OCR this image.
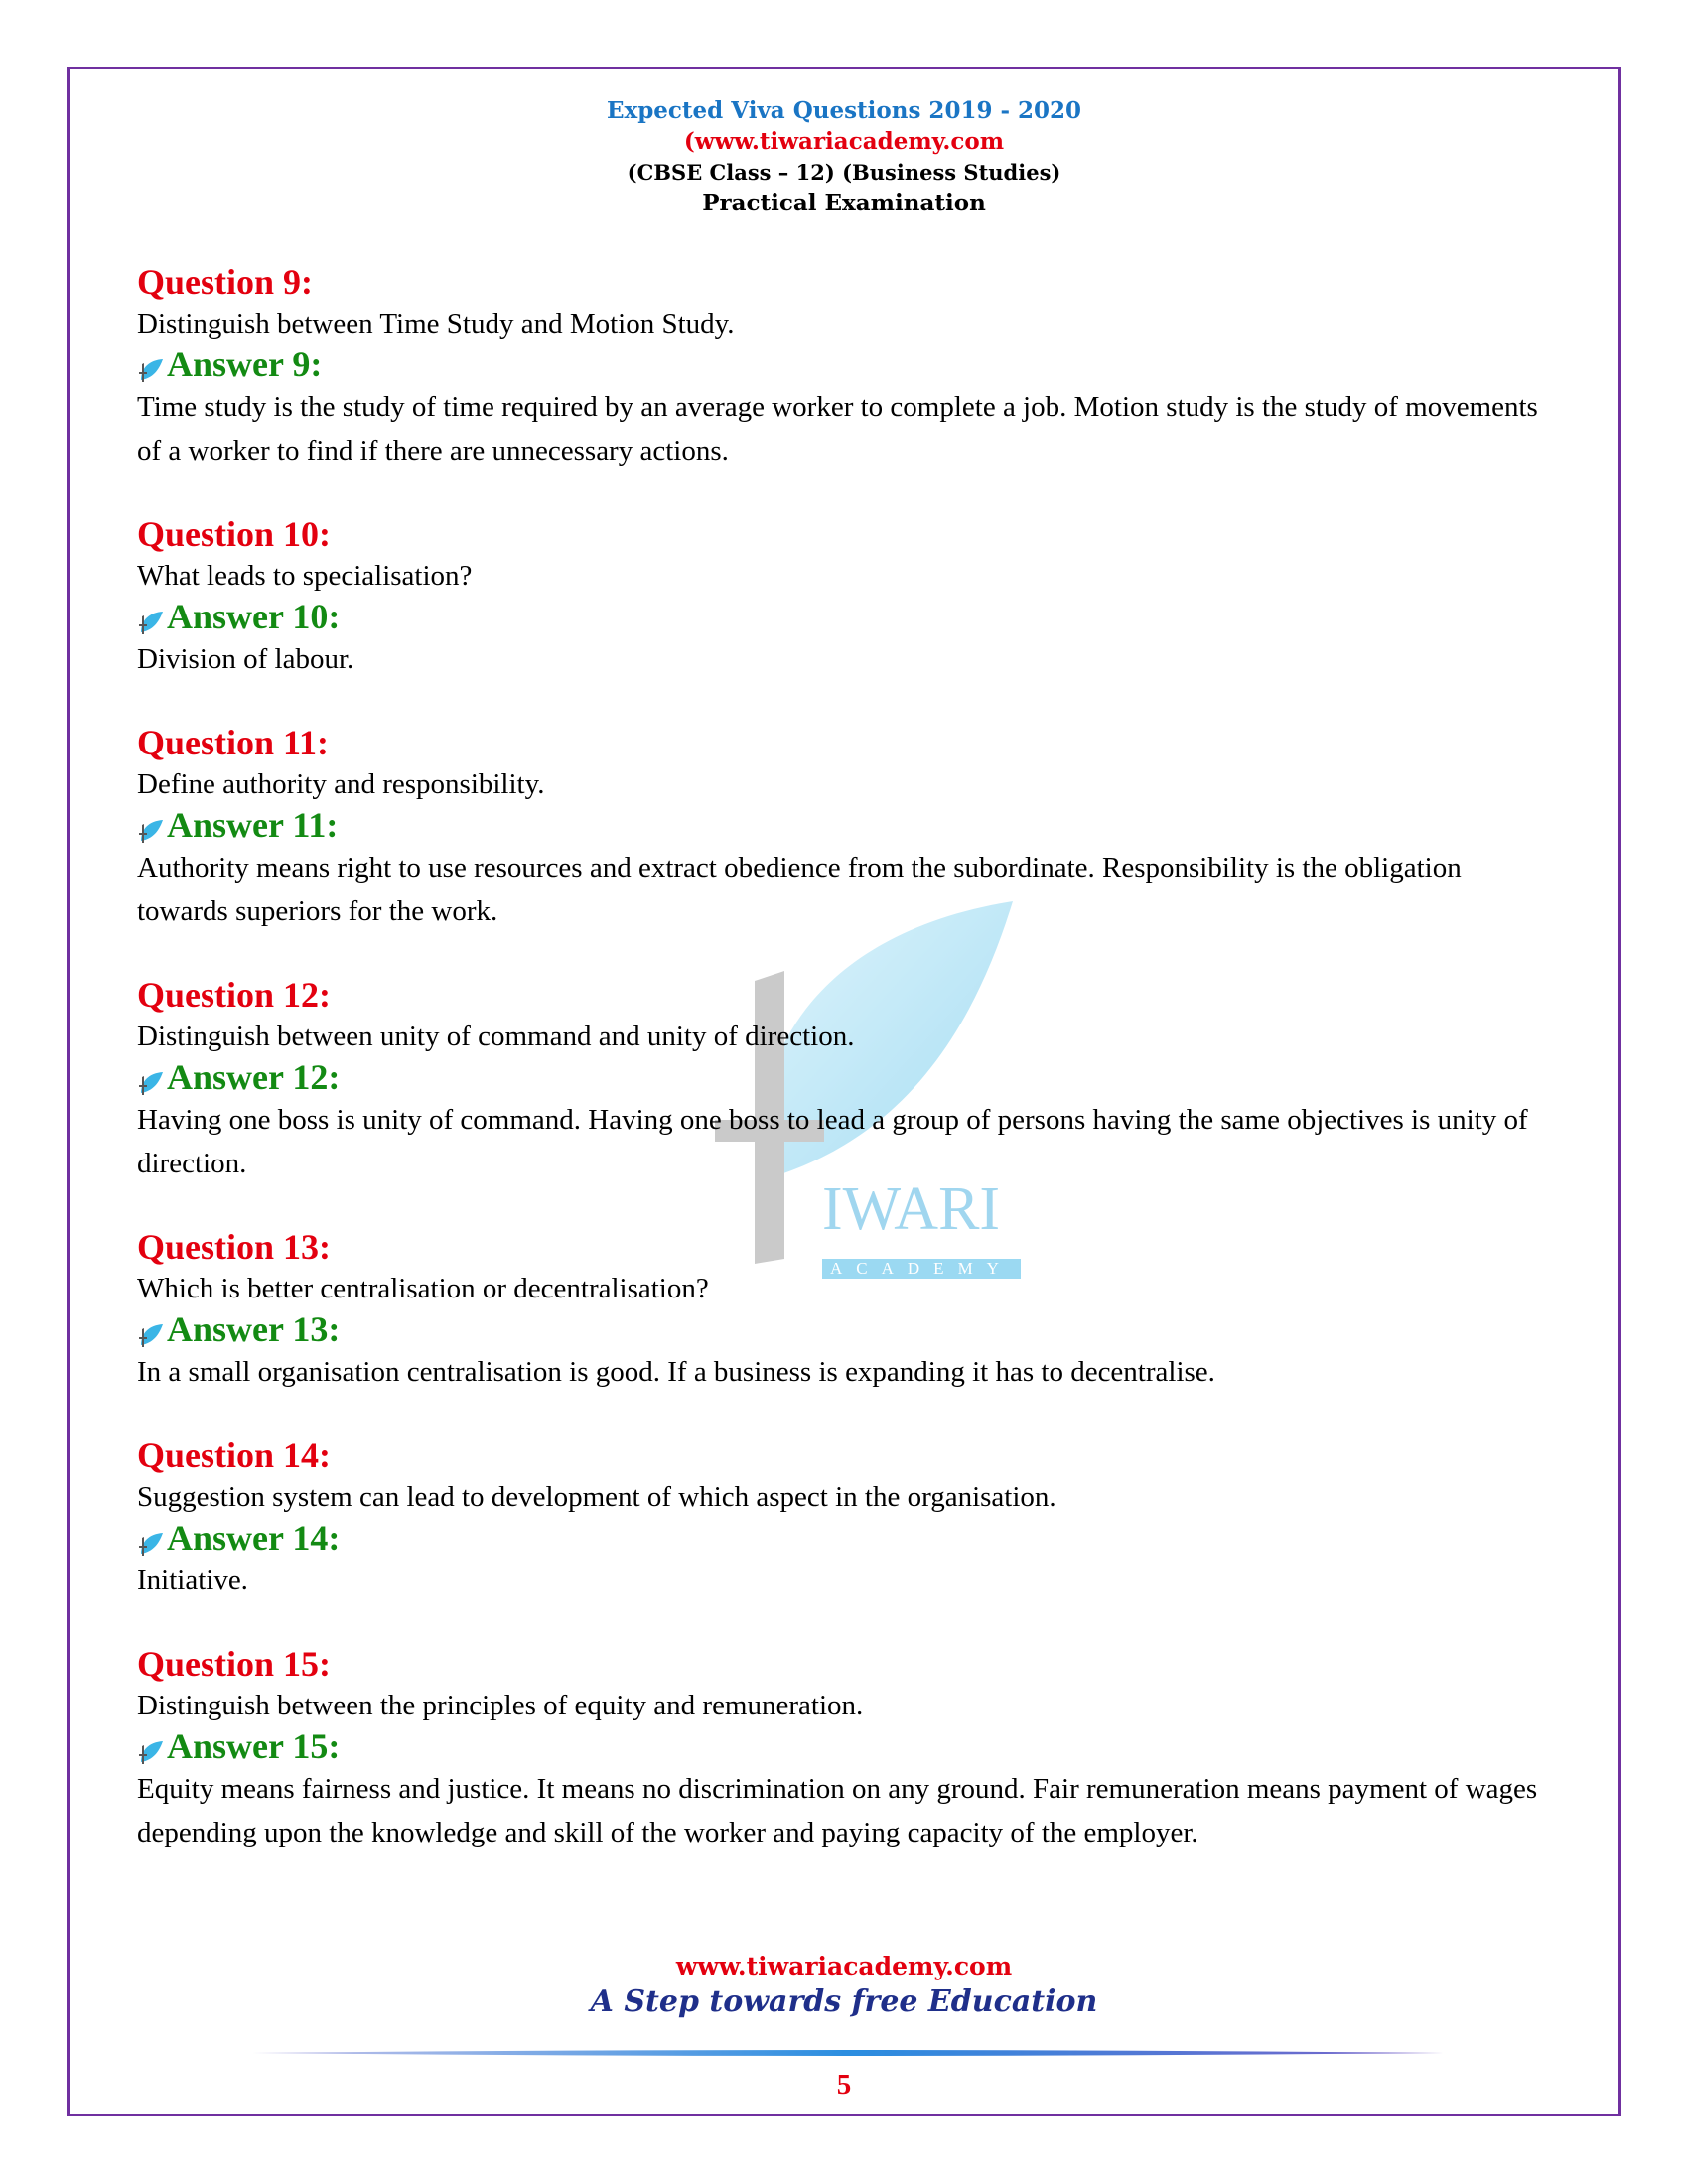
Expected Viva Questions 2019 - 2020
(www.tiwariacademy.com
(CBSE Class – 12) (Business Studies)
Practical Examination
IWARI
ACADEMY
Question 9:
Distinguish between Time Study and Motion Study.
Answer 9:
Time study is the study of time required by an average worker to complete a job. Motion study is the study of movements of a worker to find if there are unnecessary actions.
Question 10:
What leads to specialisation?
Answer 10:
Division of labour.
Question 11:
Define authority and responsibility.
Answer 11:
Authority means right to use resources and extract obedience from the subordinate. Responsibility is the obligation towards superiors for the work.
Question 12:
Distinguish between unity of command and unity of direction.
Answer 12:
Having one boss is unity of command. Having one boss to lead a group of persons having the same objectives is unity of direction.
Question 13:
Which is better centralisation or decentralisation?
Answer 13:
In a small organisation centralisation is good. If a business is expanding it has to decentralise.
Question 14:
Suggestion system can lead to development of which aspect in the organisation.
Answer 14:
Initiative.
Question 15:
Distinguish between the principles of equity and remuneration.
Answer 15:
Equity means fairness and justice. It means no discrimination on any ground. Fair remuneration means payment of wages depending upon the knowledge and skill of the worker and paying capacity of the employer.
www.tiwariacademy.com
A Step towards free Education
5
